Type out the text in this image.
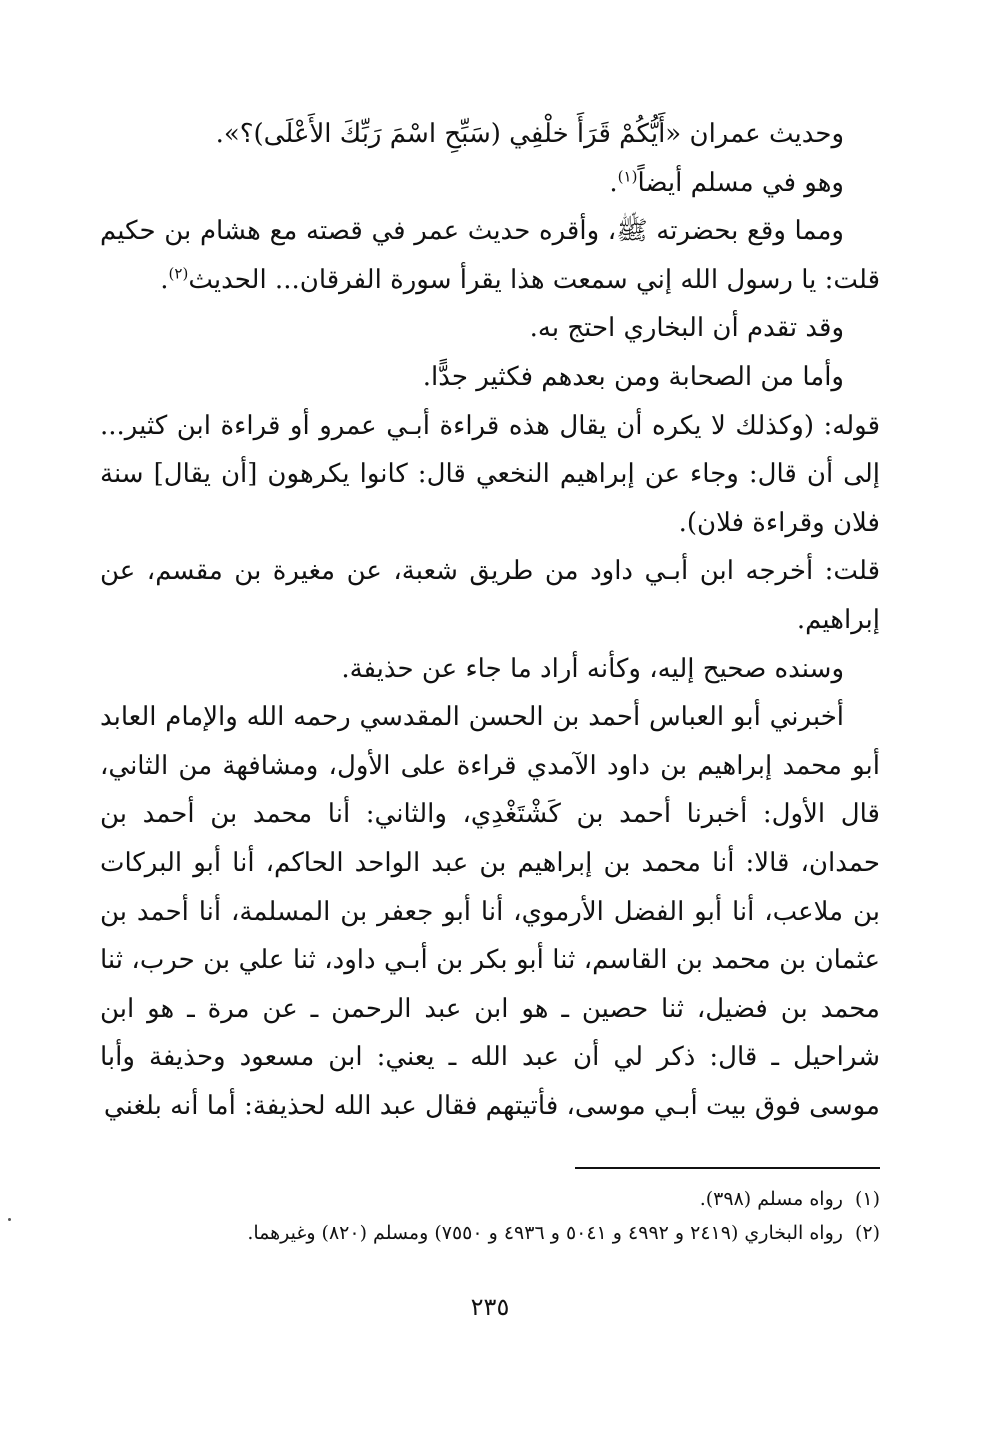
وحديث عمران «أَيُّكُمْ قَرَأَ خلْفِي (سَبِّحِ اسْمَ رَبِّكَ الأَعْلَى)؟».

وهو في مسلم أيضاً$^{(١)}$.

ومما وقع بحضرته ﷺ، وأقره حديث عمر في قصته مع هشام بن حكيم قلت: يا رسول الله إني سمعت هذا يقرأ سورة الفرقان... الحديث$^{(٢)}$.

وقد تقدم أن البخاري احتج به.

وأما من الصحابة ومن بعدهم فكثير جدًّا.

قوله: (وكذلك لا يكره أن يقال هذه قراءة أبـي عمرو أو قراءة ابن كثير... إلى أن قال: وجاء عن إبراهيم النخعي قال: كانوا يكرهون [أن يقال] سنة فلان وقراءة فلان).

قلت: أخرجه ابن أبـي داود من طريق شعبة، عن مغيرة بن مقسم، عن إبراهيم.

وسنده صحيح إليه، وكأنه أراد ما جاء عن حذيفة.

أخبرني أبو العباس أحمد بن الحسن المقدسي رحمه الله والإمام العابد أبو محمد إبراهيم بن داود الآمدي قراءة على الأول، ومشافهة من الثاني، قال الأول: أخبرنا أحمد بن كَشْتَغْدِي، والثاني: أنا محمد بن أحمد بن حمدان، قالا: أنا محمد بن إبراهيم بن عبد الواحد الحاكم، أنا أبو البركات بن ملاعب، أنا أبو الفضل الأرموي، أنا أبو جعفر بن المسلمة، أنا أحمد بن عثمان بن محمد بن القاسم، ثنا أبو بكر بن أبـي داود، ثنا علي بن حرب، ثنا محمد بن فضيل، ثنا حصين ـ هو ابن عبد الرحمن ـ عن مرة ـ هو ابن شراحيل ـ قال: ذكر لي أن عبد الله ـ يعني: ابن مسعود وحذيفة وأبا موسى فوق بيت أبـي موسى، فأتيتهم فقال عبد الله لحذيفة: أما أنه بلغني

(١)رواه مسلم (٣٩٨).

(٢)رواه البخاري (٢٤١٩ و ٤٩٩٢ و ٥٠٤١ و ٤٩٣٦ و ٧٥٥٠) ومسلم (٨٢٠) وغيرهما.

٢٣٥
